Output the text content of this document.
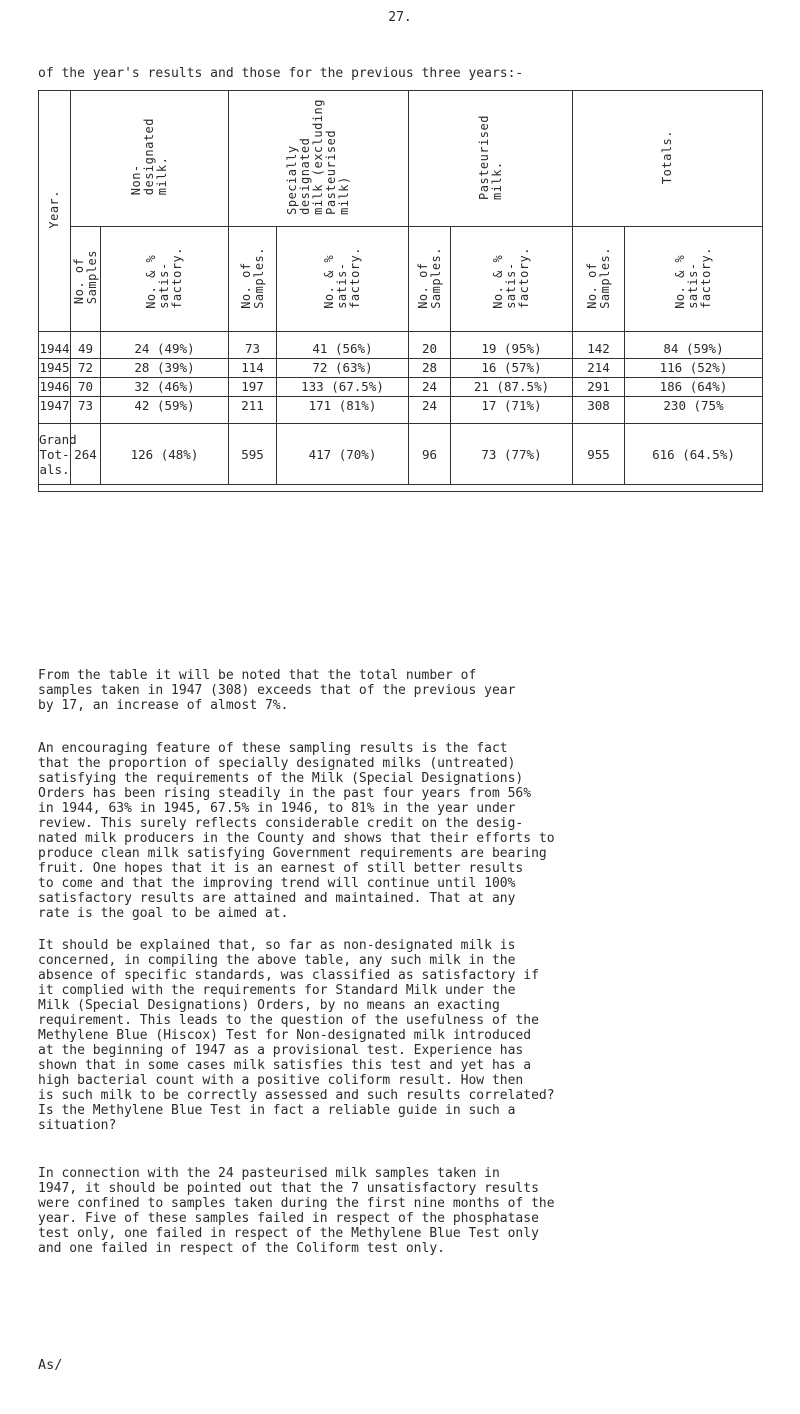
27.
of the year's results and those for the previous three years:-
Year.	Non-
designated
milk.		Specially
designated
milk (excluding
Pasteurised
milk)		Pasteurised
milk.		Totals.	
	No. of
Samples	No. & %
satis-
factory.	No. of
Samples.	No. & %
satis-
factory.	No. of
Samples.	No. & %
satis-
factory.	No. of
Samples.	No. & %
satis-
factory.
1944	49	24 (49%)	73	41 (56%)	20	19 (95%)	142	84 (59%)
1945	72	28 (39%)	114	72 (63%)	28	16 (57%)	214	116 (52%)
1946	70	32 (46%)	197	133 (67.5%)	24	21 (87.5%)	291	186 (64%)
1947	73	42 (59%)	211	171 (81%)	24	17 (71%)	308	230 (75%
Grand
Tot-
als.	264	126 (48%)	595	417 (70%)	96	73 (77%)	955	616 (64.5%)

From the table it will be noted that the total number of
samples taken in 1947 (308) exceeds that of the previous year
by 17, an increase of almost 7%.
An encouraging feature of these sampling results is the fact
that the proportion of specially designated milks (untreated)
satisfying the requirements of the Milk (Special Designations)
Orders has been rising steadily in the past four years from 56%
in 1944, 63% in 1945, 67.5% in 1946, to 81% in the year under
review. This surely reflects considerable credit on the desig-
nated milk producers in the County and shows that their efforts to
produce clean milk satisfying Government requirements are bearing
fruit. One hopes that it is an earnest of still better results
to come and that the improving trend will continue until 100%
satisfactory results are attained and maintained. That at any
rate is the goal to be aimed at.
It should be explained that, so far as non-designated milk is
concerned, in compiling the above table, any such milk in the
absence of specific standards, was classified as satisfactory if
it complied with the requirements for Standard Milk under the
Milk (Special Designations) Orders, by no means an exacting
requirement. This leads to the question of the usefulness of the
Methylene Blue (Hiscox) Test for Non-designated milk introduced
at the beginning of 1947 as a provisional test. Experience has
shown that in some cases milk satisfies this test and yet has a
high bacterial count with a positive coliform result. How then
is such milk to be correctly assessed and such results correlated?
Is the Methylene Blue Test in fact a reliable guide in such a
situation?
In connection with the 24 pasteurised milk samples taken in
1947, it should be pointed out that the 7 unsatisfactory results
were confined to samples taken during the first nine months of the
year. Five of these samples failed in respect of the phosphatase
test only, one failed in respect of the Methylene Blue Test only
and one failed in respect of the Coliform test only.
As/
